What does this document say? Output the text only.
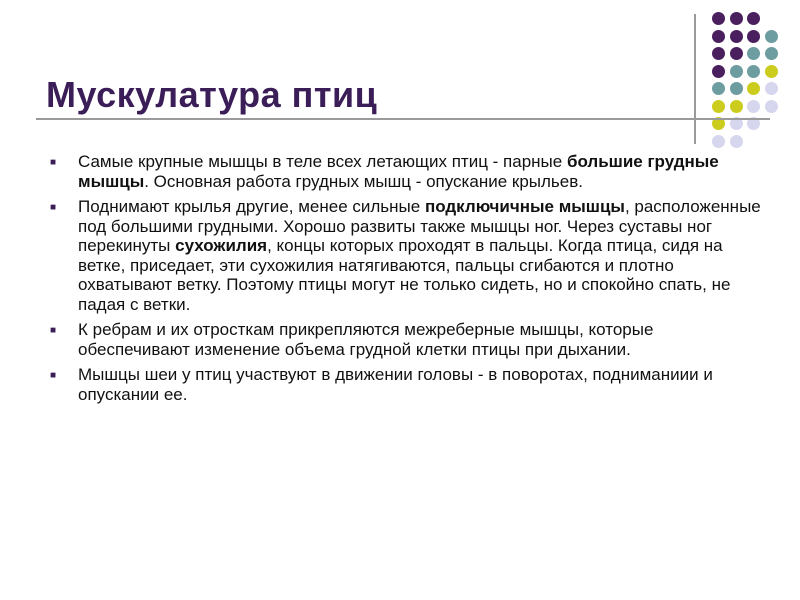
Мускулатура птиц
■ Самые крупные мышцы в теле всех летающих птиц - парные большие грудные мышцы. Основная работа грудных мышц - опускание крыльев.
■ Поднимают крылья другие, менее сильные подключичные мышцы, расположенные под большими грудными. Хорошо развиты также мышцы ног. Через суставы ног перекинуты сухожилия, концы которых проходят в пальцы. Когда птица, сидя на ветке, приседает, эти сухожилия натягиваются, пальцы сгибаются и плотно охватывают ветку. Поэтому птицы могут не только сидеть, но и спокойно спать, не падая с ветки.
■ К ребрам и их отросткам прикрепляются межреберные мышцы, которые обеспечивают изменение объема грудной клетки птицы при дыхании.
■ Мышцы шеи у птиц участвуют в движении головы - в поворотах, подниманиии и опускании ее.
